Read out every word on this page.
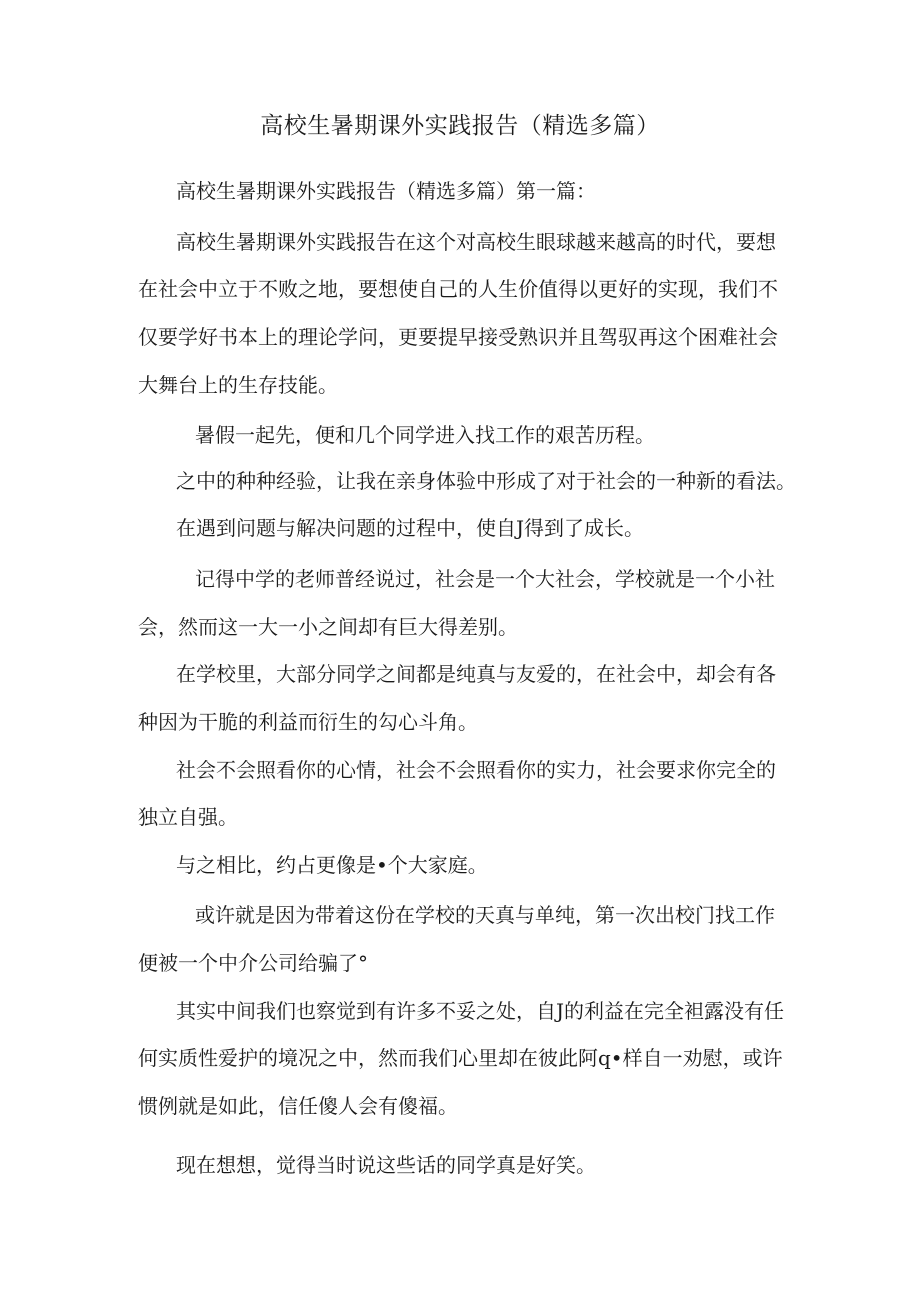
高校生暑期课外实践报告（精选多篇）
高校生暑期课外实践报告（精选多篇）第一篇：
高校生暑期课外实践报告在这个对高校生眼球越来越高的时代，要想
在社会中立于不败之地，要想使自己的人生价值得以更好的实现，我们不
仅要学好书本上的理论学问，更要提早接受熟识并且驾驭再这个困难社会
大舞台上的生存技能。
暑假一起先，便和几个同学进入找工作的艰苦历程。
之中的种种经验，让我在亲身体验中形成了对于社会的一种新的看法。
在遇到问题与解决问题的过程中，使自J得到了成长。
记得中学的老师普经说过，社会是一个大社会，学校就是一个小社
会，然而这一大一小之间却有巨大得差别。
在学校里，大部分同学之间都是纯真与友爱的，在社会中，却会有各
种因为干脆的利益而衍生的勾心斗角。
社会不会照看你的心情，社会不会照看你的实力，社会要求你完全的
独立自强。
与之相比，约占更像是•个大家庭。
或许就是因为带着这份在学校的天真与单纯，第一次出校门找工作
便被一个中介公司给骗了°
其实中间我们也察觉到有许多不妥之处，自J的利益在完全袒露没有任
何实质性爱护的境况之中，然而我们心里却在彼此阿q•样自一劝慰，或许
惯例就是如此，信任傻人会有傻福。
现在想想，觉得当时说这些话的同学真是好笑。
